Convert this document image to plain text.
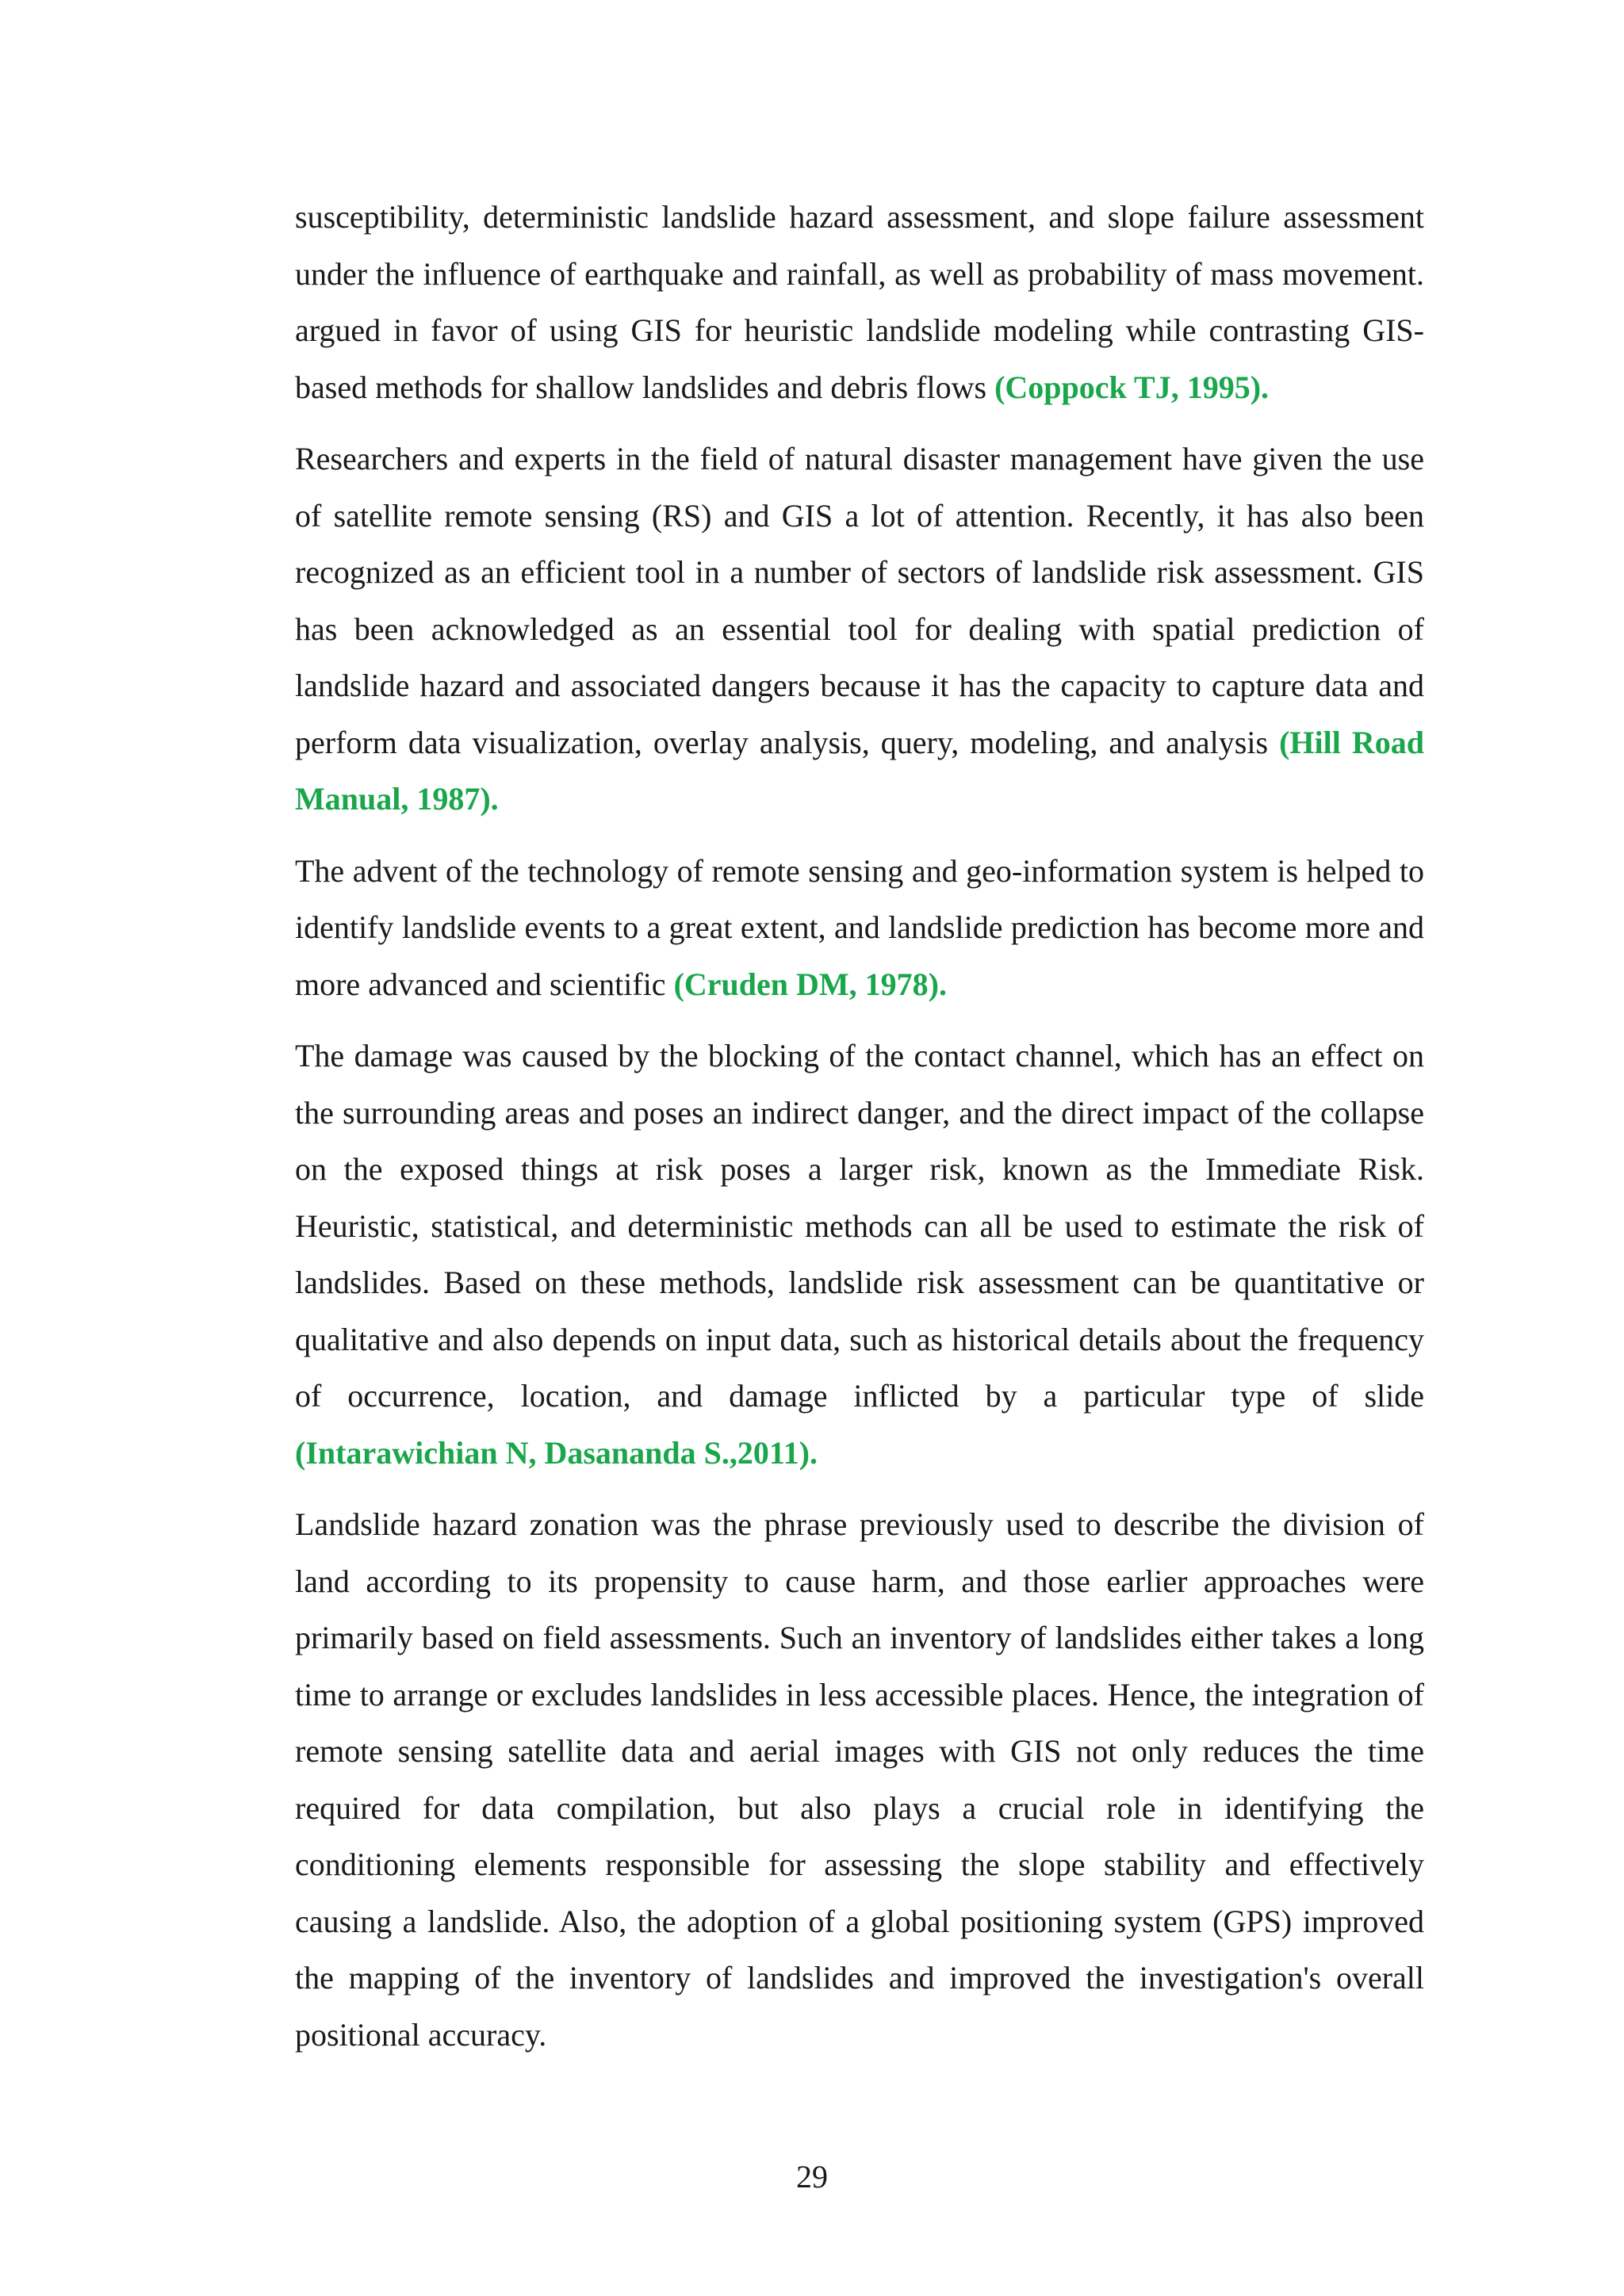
susceptibility, deterministic landslide hazard assessment, and slope failure assessment under the influence of earthquake and rainfall, as well as probability of mass movement. argued in favor of using GIS for heuristic landslide modeling while contrasting GIS-based methods for shallow landslides and debris flows (Coppock TJ, 1995).

Researchers and experts in the field of natural disaster management have given the use of satellite remote sensing (RS) and GIS a lot of attention. Recently, it has also been recognized as an efficient tool in a number of sectors of landslide risk assessment. GIS has been acknowledged as an essential tool for dealing with spatial prediction of landslide hazard and associated dangers because it has the capacity to capture data and perform data visualization, overlay analysis, query, modeling, and analysis (Hill Road Manual, 1987).

The advent of the technology of remote sensing and geo-information system is helped to identify landslide events to a great extent, and landslide prediction has become more and more advanced and scientific (Cruden DM, 1978).

The damage was caused by the blocking of the contact channel, which has an effect on the surrounding areas and poses an indirect danger, and the direct impact of the collapse on the exposed things at risk poses a larger risk, known as the Immediate Risk. Heuristic, statistical, and deterministic methods can all be used to estimate the risk of landslides. Based on these methods, landslide risk assessment can be quantitative or qualitative and also depends on input data, such as historical details about the frequency of occurrence, location, and damage inflicted by a particular type of slide (Intarawichian N, Dasananda S.,2011).

Landslide hazard zonation was the phrase previously used to describe the division of land according to its propensity to cause harm, and those earlier approaches were primarily based on field assessments. Such an inventory of landslides either takes a long time to arrange or excludes landslides in less accessible places. Hence, the integration of remote sensing satellite data and aerial images with GIS not only reduces the time required for data compilation, but also plays a crucial role in identifying the conditioning elements responsible for assessing the slope stability and effectively causing a landslide. Also, the adoption of a global positioning system (GPS) improved the mapping of the inventory of landslides and improved the investigation's overall positional accuracy.

29
